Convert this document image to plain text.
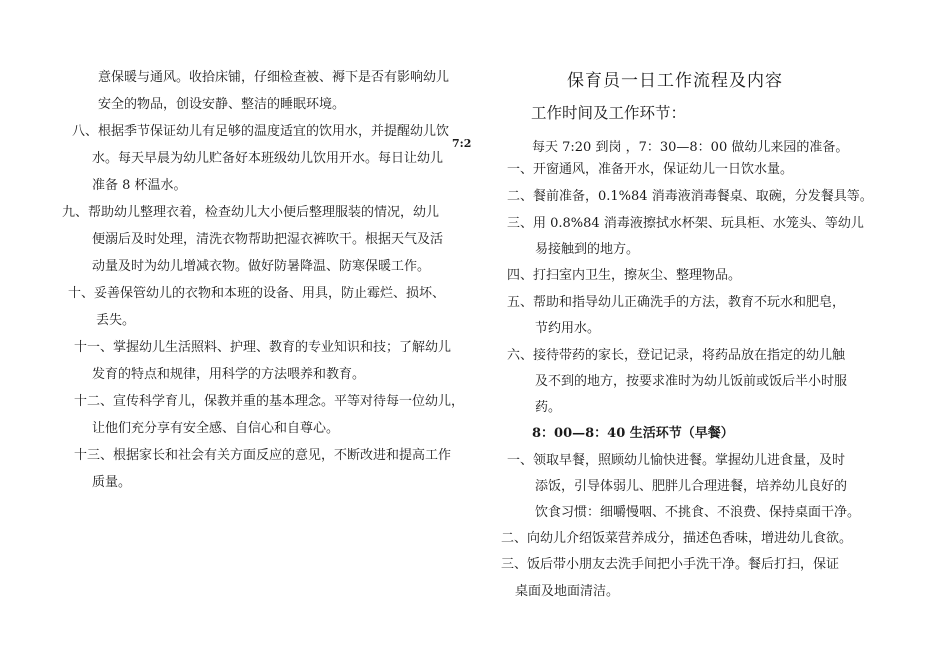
意保暖与通风。收拾床铺，仔细检查被、褥下是否有影响幼儿
安全的物品，创设安静、整洁的睡眠环境。
八、根据季节保证幼儿有足够的温度适宜的饮用水，并提醒幼儿饮
水。每天早晨为幼儿贮备好本班级幼儿饮用开水。每日让幼儿
准备 8 杯温水。
九、帮助幼儿整理衣着，检查幼儿大小便后整理服装的情况，幼儿
便溺后及时处理，清洗衣物帮助把湿衣裤吹干。根据天气及活
动量及时为幼儿增减衣物。做好防暑降温、防寒保暖工作。
十、妥善保管幼儿的衣物和本班的设备、用具，防止霉烂、损坏、
丢失。
十一、掌握幼儿生活照料、护理、教育的专业知识和技；了解幼儿
发育的特点和规律，用科学的方法喂养和教育。
十二、宣传科学育儿，保教并重的基本理念。平等对待每一位幼儿，
让他们充分享有安全感、自信心和自尊心。
十三、根据家长和社会有关方面反应的意见，不断改进和提高工作
质量。
7:2
保育员一日工作流程及内容
工作时间及工作环节：
每天 7:20 到岗 ，7：30—8：00 做幼儿来园的准备。
一、开窗通风，准备开水，保证幼儿一日饮水量。
二、餐前准备，0.1%84 消毒液消毒餐桌、取碗，分发餐具等。
三、用 0.8%84 消毒液擦拭水杯架、玩具柜、水笼头、等幼儿
易接触到的地方。
四、打扫室内卫生，擦灰尘、整理物品。
五、帮助和指导幼儿正确洗手的方法，教育不玩水和肥皂，
节约用水。
六、接待带药的家长，登记记录，将药品放在指定的幼儿触
及不到的地方，按要求准时为幼儿饭前或饭后半小时服
药。
8：00—8：40 生活环节（早餐）
一、领取早餐，照顾幼儿愉快进餐。掌握幼儿进食量，及时
添饭，引导体弱儿、肥胖儿合理进餐，培养幼儿良好的
饮食习惯：细嚼慢咽、不挑食、不浪费、保持桌面干净。
二、向幼儿介绍饭菜营养成分，描述色香味，增进幼儿食欲。
三、饭后带小朋友去洗手间把小手洗干净。餐后打扫，保证
桌面及地面清洁。
